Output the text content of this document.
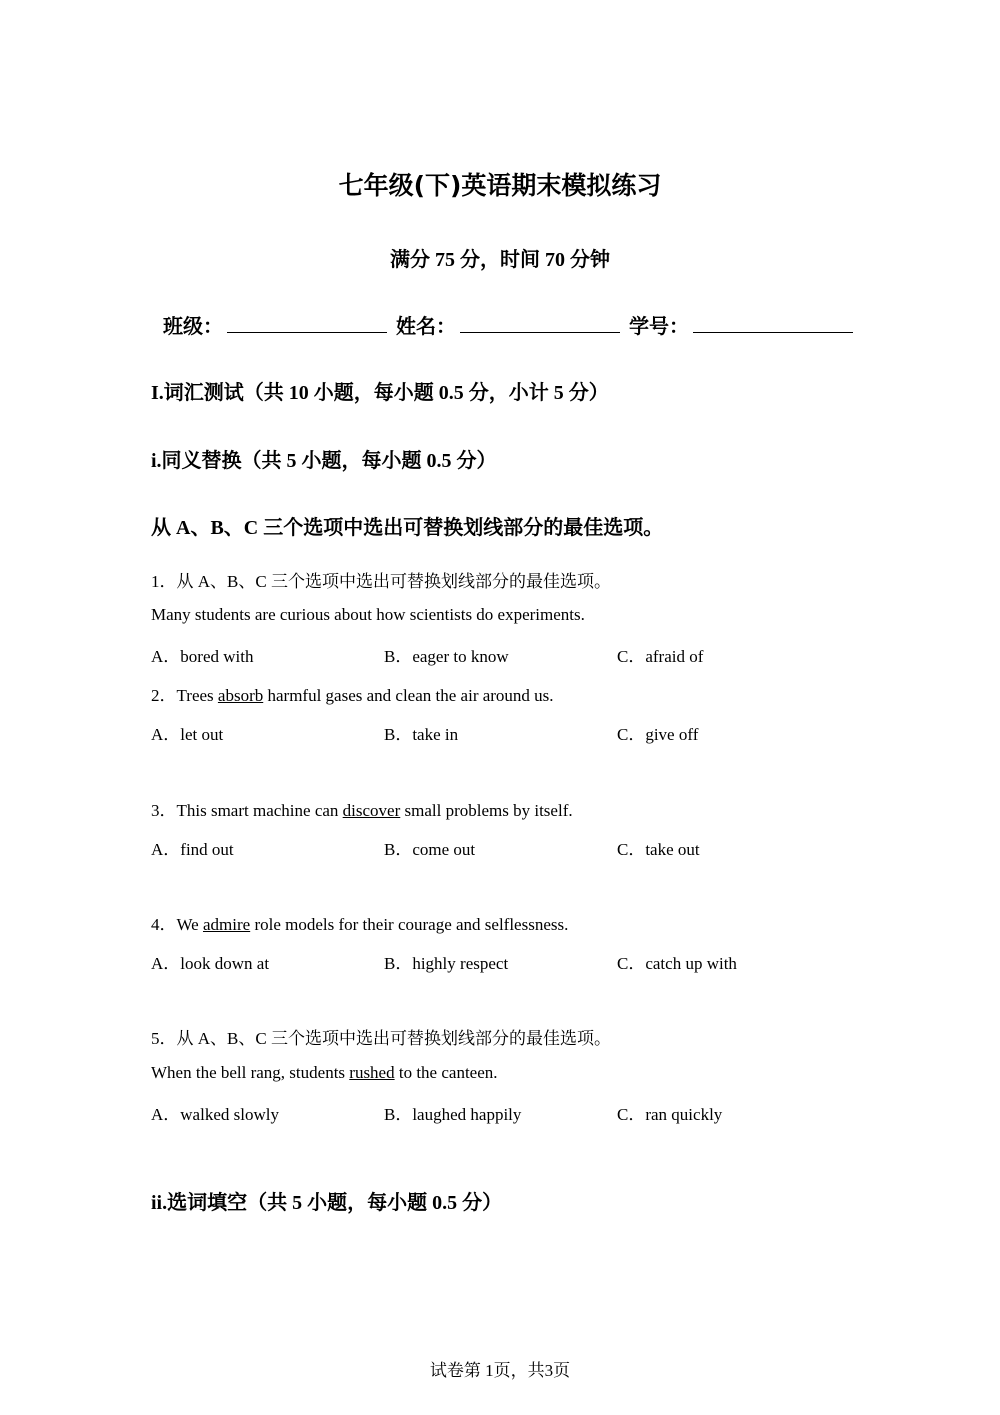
七年级(下)英语期末模拟练习
满分 75 分，时间 70 分钟
班级：	姓名：	学号：
I.词汇测试（共 10 小题，每小题 0.5 分，小计 5 分）
i.同义替换（共 5 小题，每小题 0.5 分）
从 A、B、C 三个选项中选出可替换划线部分的最佳选项。
1．从 A、B、C 三个选项中选出可替换划线部分的最佳选项。
Many students are curious about how scientists do experiments.
A．bored with	B．eager to know	C．afraid of
2．Trees absorb harmful gases and clean the air around us.
A．let out	B．take in	C．give off
3．This smart machine can discover small problems by itself.
A．find out	B．come out	C．take out
4．We admire role models for their courage and selflessness.
A．look down at	B．highly respect	C．catch up with
5．从 A、B、C 三个选项中选出可替换划线部分的最佳选项。
When the bell rang, students rushed to the canteen.
A．walked slowly	B．laughed happily	C．ran quickly
ii.选词填空（共 5 小题，每小题 0.5 分）
试卷第 1页，共3页
